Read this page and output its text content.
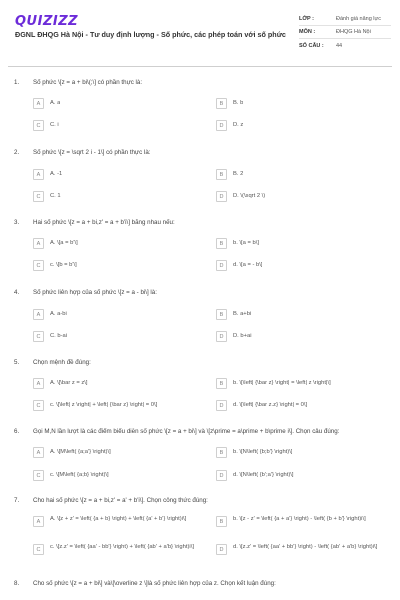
QUIZIZZ
ĐGNL ĐHQG Hà Nội - Tư duy định lượng - Số phức, các phép toán với số phức
LỚP :	Đánh giá năng lực
MÔN :	ĐHQG Hà Nội
SỐ CÂU :	44
1. Số phức \[z = a + bi\(;\] có phần thực là:
A	A. a	B	B. b
C	C. i	D	D. z
2. Số phức \[z = \sqrt 2 i - 1\] có phần thực là:
A	A. -1	B	B. 2
C	C. 1	D	D. \(\sqrt 2 \)
3. Hai số phức \[z = a + bi,z' = a + b'i\] bằng nhau nếu:
A	A. \[a = b'\]	B	b. \[a = b\]
C	c. \[b = b'\]	D	d. \[a = - b\]
4. Số phức liên hợp của số phức \[z = a - bi\] là:
A	A. a-bi	B	B. a+bi
C	C. b-ai	D	D. b+ai
5. Chọn mệnh đề đúng:
A	A. \[\bar z = z\]	B	b. \[\left| {\bar z} \right| = \left| z \right|\]
C	c. \[\left| z \right| + \left| {\bar z} \right| = 0\]	D	d. \[\left| {\bar z.z} \right| = 0\]
6. Gọi M,N lần lượt là các điểm biểu diễn số phức \[z = a + bi\] và \[z\prime = a\prime + b\prime i\]. Chọn câu đúng:
A	A. \[M\left( {a;a'} \right)\]	B	b. \[N\left( {b;b'} \right)\]
C	c. \[M\left( {a;b} \right)\]	D	d. \[N\left( {b';a'} \right)\]
7. Cho hai số phức \[z = a + bi,z' = a' + b'i\]. Chọn công thức đúng:
A	A. \[z + z' = \left( {a + b} \right) + \left( {a' + b'} \right)i\]	B	b. \[z - z' = \left( {a + a'} \right) - \left( {b + b'} \right)i\]
C	c. \[z.z' = \left( {aa' - bb'} \right) + \left( {ab' + a'b} \right)i\]	D	d. \[z.z' = \left( {aa' + bb'} \right) - \left( {ab' + a'b} \right)i\]
8. Cho số phức \[z = a + bi\] và\[\overline z \]là số phức liên hợp của z. Chọn kết luận đúng:
